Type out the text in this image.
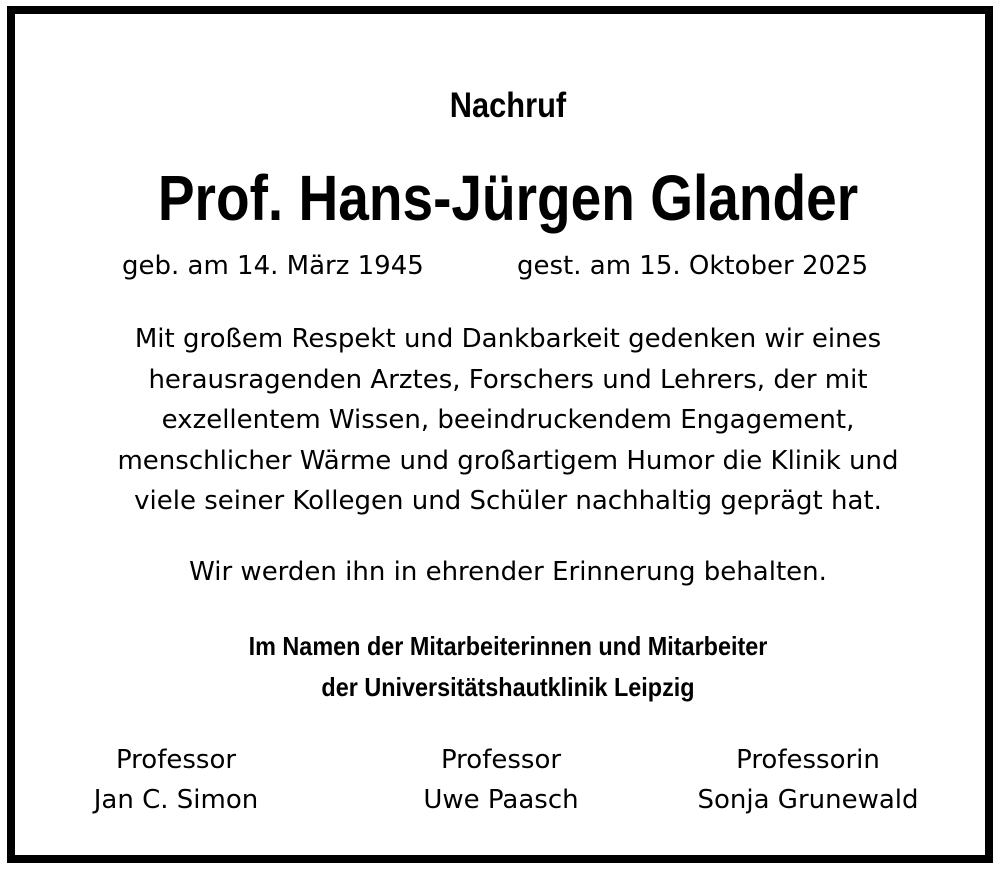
Nachruf
Prof. Hans-Jürgen Glander
geb. am 14. März 1945	gest. am 15. Oktober 2025
Mit großem Respekt und Dankbarkeit gedenken wir eines
herausragenden Arztes, Forschers und Lehrers, der mit
exzellentem Wissen, beeindruckendem Engagement,
menschlicher Wärme und großartigem Humor die Klinik und
viele seiner Kollegen und Schüler nachhaltig geprägt hat.
Wir werden ihn in ehrender Erinnerung behalten.
Im Namen der Mitarbeiterinnen und Mitarbeiter
der Universitätshautklinik Leipzig
Professor
Jan C. Simon
Professor
Uwe Paasch
Professorin
Sonja Grunewald
